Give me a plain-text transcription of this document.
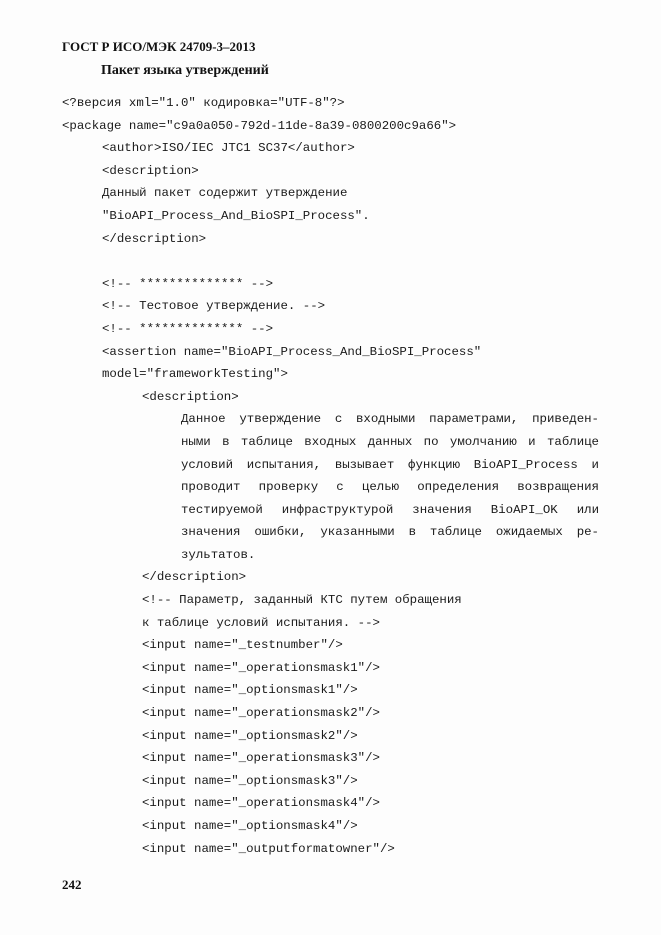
ГОСТ Р ИСО/МЭК 24709-3–2013
Пакет языка утверждений
<?версия xml="1.0" кодировка="UTF-8"?>
<package name="c9a0a050-792d-11de-8a39-0800200c9a66">
<author>ISO/IEC JTC1 SC37</author>
<description>
Данный пакет содержит утверждение
"BioAPI_Process_And_BioSPI_Process".
</description>
<!-- ************** -->
<!-- Тестовое утверждение. -->
<!-- ************** -->
<assertion name="BioAPI_Process_And_BioSPI_Process"
model="frameworkTesting">
<description>
Данное утверждение с входными параметрами, приведен-
ными в таблице входных данных по умолчанию и таблице
условий испытания, вызывает функцию BioAPI_Process и
проводит проверку с целью определения возвращения
тестируемой инфраструктурой значения BioAPI_OK или
значения ошибки, указанными в таблице ожидаемых ре-
зультатов.
</description>
<!-- Параметр, заданный КТС путем обращения
к таблице условий испытания. -->
<input name="_testnumber"/>
<input name="_operationsmask1"/>
<input name="_optionsmask1"/>
<input name="_operationsmask2"/>
<input name="_optionsmask2"/>
<input name="_operationsmask3"/>
<input name="_optionsmask3"/>
<input name="_operationsmask4"/>
<input name="_optionsmask4"/>
<input name="_outputformatowner"/>
242
